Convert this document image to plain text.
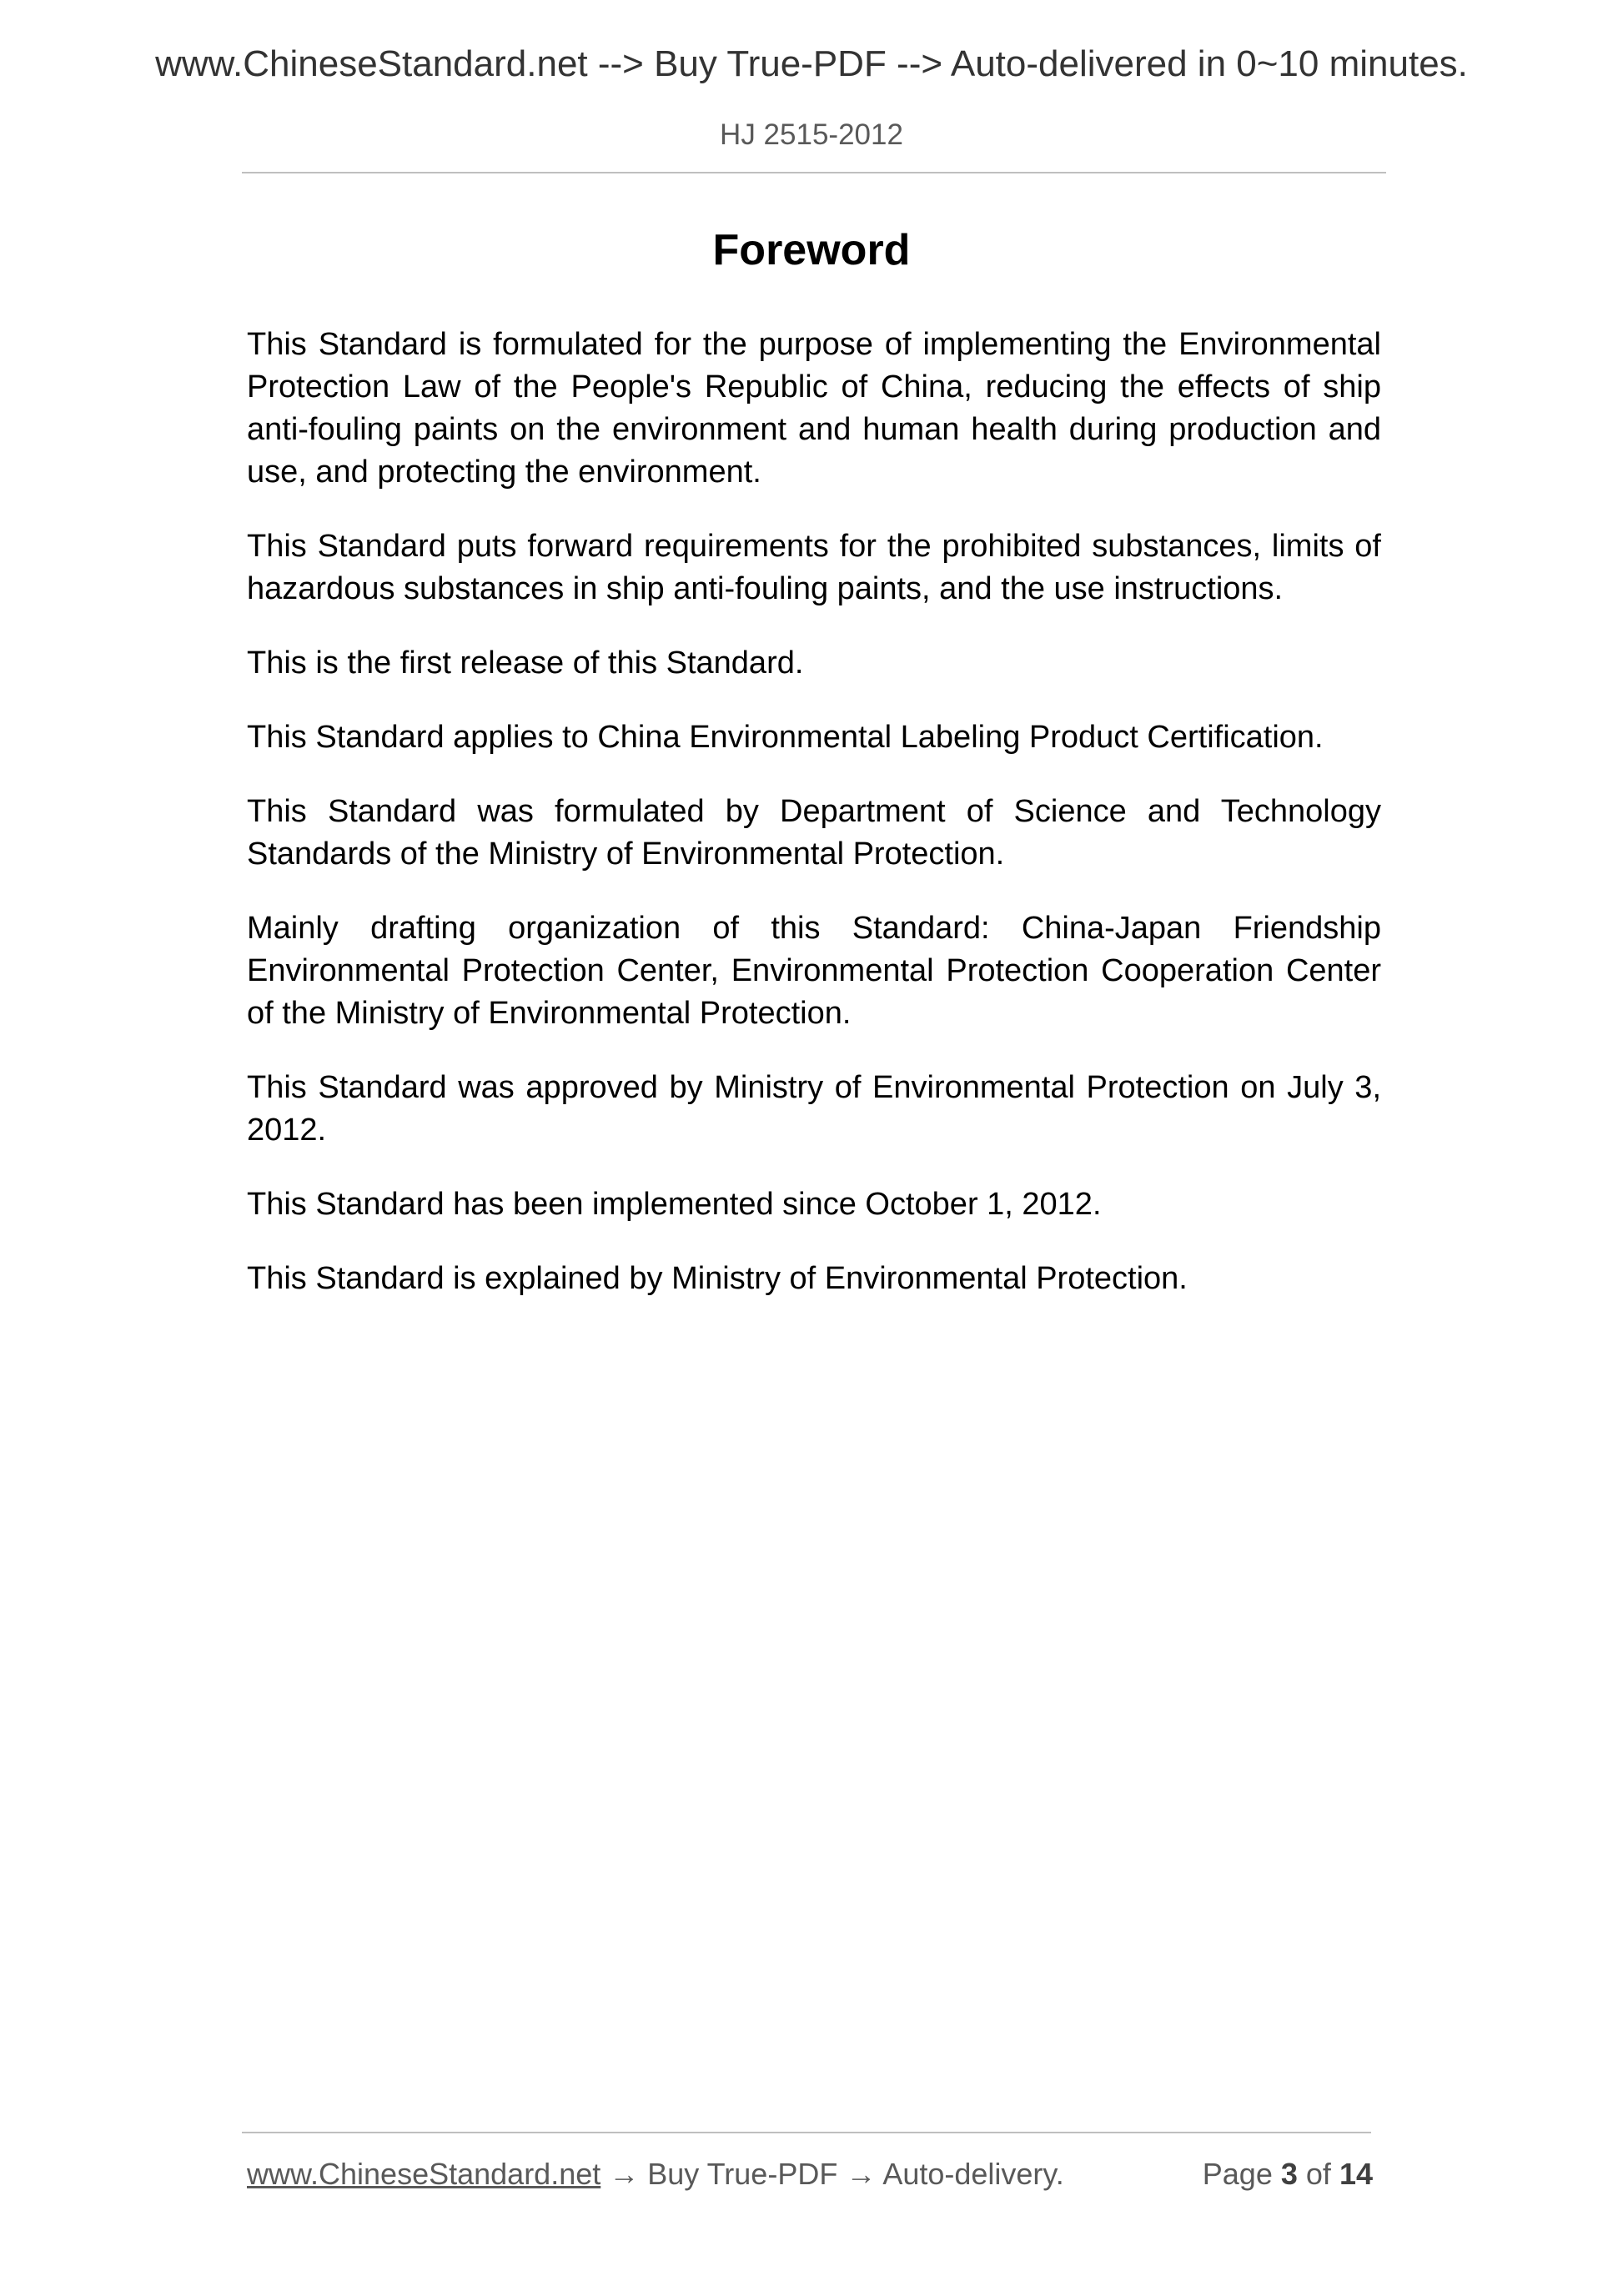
www.ChineseStandard.net --> Buy True-PDF --> Auto-delivered in 0~10 minutes.
HJ 2515-2012
Foreword

This Standard is formulated for the purpose of implementing the Environmental Protection Law of the People's Republic of China, reducing the effects of ship anti-fouling paints on the environment and human health during production and use, and protecting the environment.

This Standard puts forward requirements for the prohibited substances, limits of hazardous substances in ship anti-fouling paints, and the use instructions.

This is the first release of this Standard.

This Standard applies to China Environmental Labeling Product Certification.

This Standard was formulated by Department of Science and Technology Standards of the Ministry of Environmental Protection.

Mainly drafting organization of this Standard: China-Japan Friendship Environmental Protection Center, Environmental Protection Cooperation Center of the Ministry of Environmental Protection.

This Standard was approved by Ministry of Environmental Protection on July 3, 2012.

This Standard has been implemented since October 1, 2012.

This Standard is explained by Ministry of Environmental Protection.

www.ChineseStandard.net → Buy True-PDF → Auto-delivery.	Page 3 of 14
